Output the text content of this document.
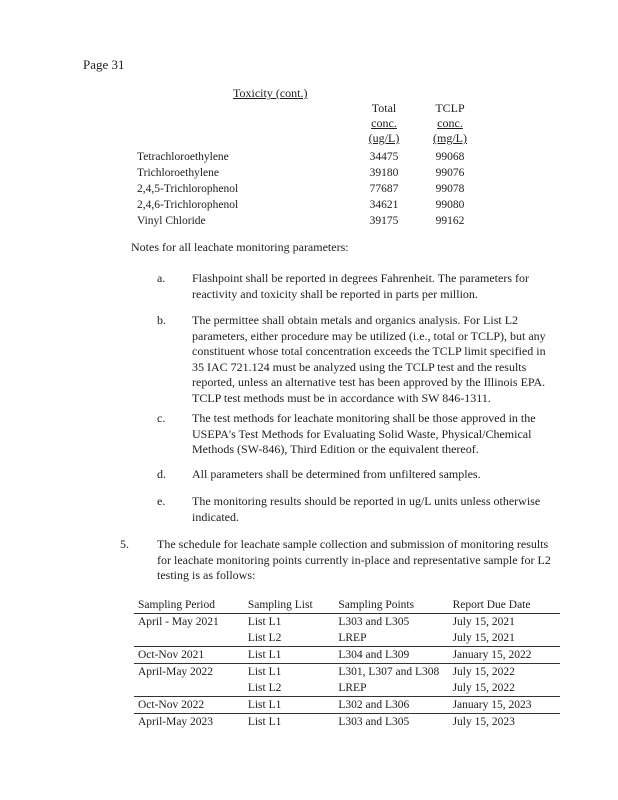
Page 31
Toxicity (cont.)
Total
conc.
(ug/L)
TCLP
conc.
(mg/L)
Tetrachloroethylene	34475	99068
Trichloroethylene	39180	99076
2,4,5-Trichlorophenol	77687	99078
2,4,6-Trichlorophenol	34621	99080
Vinyl Chloride	39175	99162
Notes for all leachate monitoring parameters:
a. Flashpoint shall be reported in degrees Fahrenheit. The parameters for reactivity and toxicity shall be reported in parts per million.
b. The permittee shall obtain metals and organics analysis. For List L2 parameters, either procedure may be utilized (i.e., total or TCLP), but any constituent whose total concentration exceeds the TCLP limit specified in 35 IAC 721.124 must be analyzed using the TCLP test and the results reported, unless an alternative test has been approved by the Illinois EPA. TCLP test methods must be in accordance with SW 846-1311.
c. The test methods for leachate monitoring shall be those approved in the USEPA's Test Methods for Evaluating Solid Waste, Physical/Chemical Methods (SW-846), Third Edition or the equivalent thereof.
d. All parameters shall be determined from unfiltered samples.
e. The monitoring results should be reported in ug/L units unless otherwise indicated.
5. The schedule for leachate sample collection and submission of monitoring results for leachate monitoring points currently in-place and representative sample for L2 testing is as follows:
Sampling Period	Sampling List	Sampling Points	Report Due Date
April - May 2021	List L1	L303 and L305	July 15, 2021
	List L2	LREP	July 15, 2021
Oct-Nov 2021	List L1	L304 and L309	January 15, 2022
April-May 2022	List L1	L301, L307 and L308	July 15, 2022
	List L2	LREP	July 15, 2022
Oct-Nov 2022	List L1	L302 and L306	January 15, 2023
April-May 2023	List L1	L303 and L305	July 15, 2023
